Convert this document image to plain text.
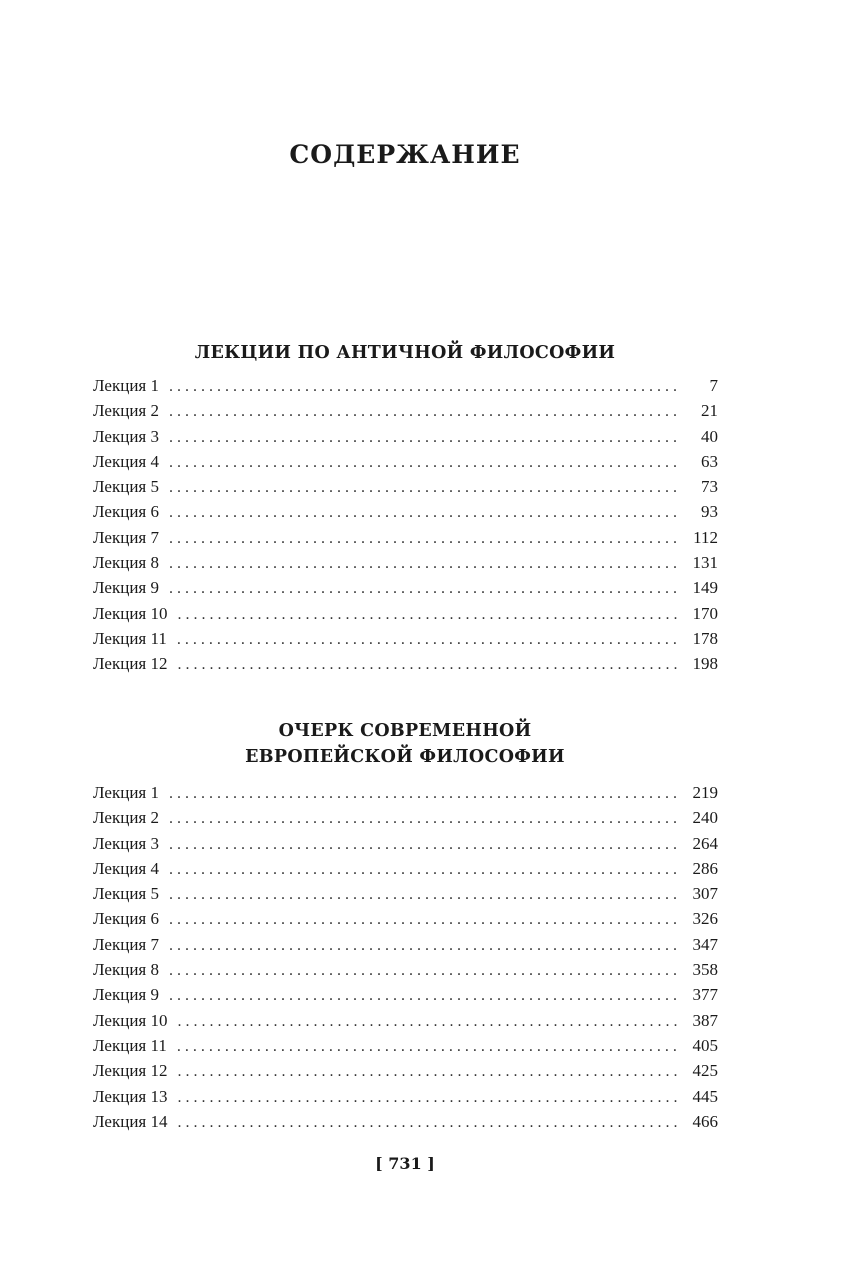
СОДЕРЖАНИЕ
ЛЕКЦИИ ПО АНТИЧНОЙ ФИЛОСОФИИ
Лекция 1 . . .	7
Лекция 2 . . .	21
Лекция 3 . . .	40
Лекция 4 . . .	63
Лекция 5 . . .	73
Лекция 6 . . .	93
Лекция 7 . . .	112
Лекция 8 . . .	131
Лекция 9 . . .	149
Лекция 10 . . .	170
Лекция 11 . . .	178
Лекция 12 . . .	198
ОЧЕРК СОВРЕМЕННОЙ
ЕВРОПЕЙСКОЙ ФИЛОСОФИИ
Лекция 1 . . .	219
Лекция 2 . . .	240
Лекция 3 . . .	264
Лекция 4 . . .	286
Лекция 5 . . .	307
Лекция 6 . . .	326
Лекция 7 . . .	347
Лекция 8 . . .	358
Лекция 9 . . .	377
Лекция 10 . . .	387
Лекция 11 . . .	405
Лекция 12 . . .	425
Лекция 13 . . .	445
Лекция 14 . . .	466
[ 731 ]
